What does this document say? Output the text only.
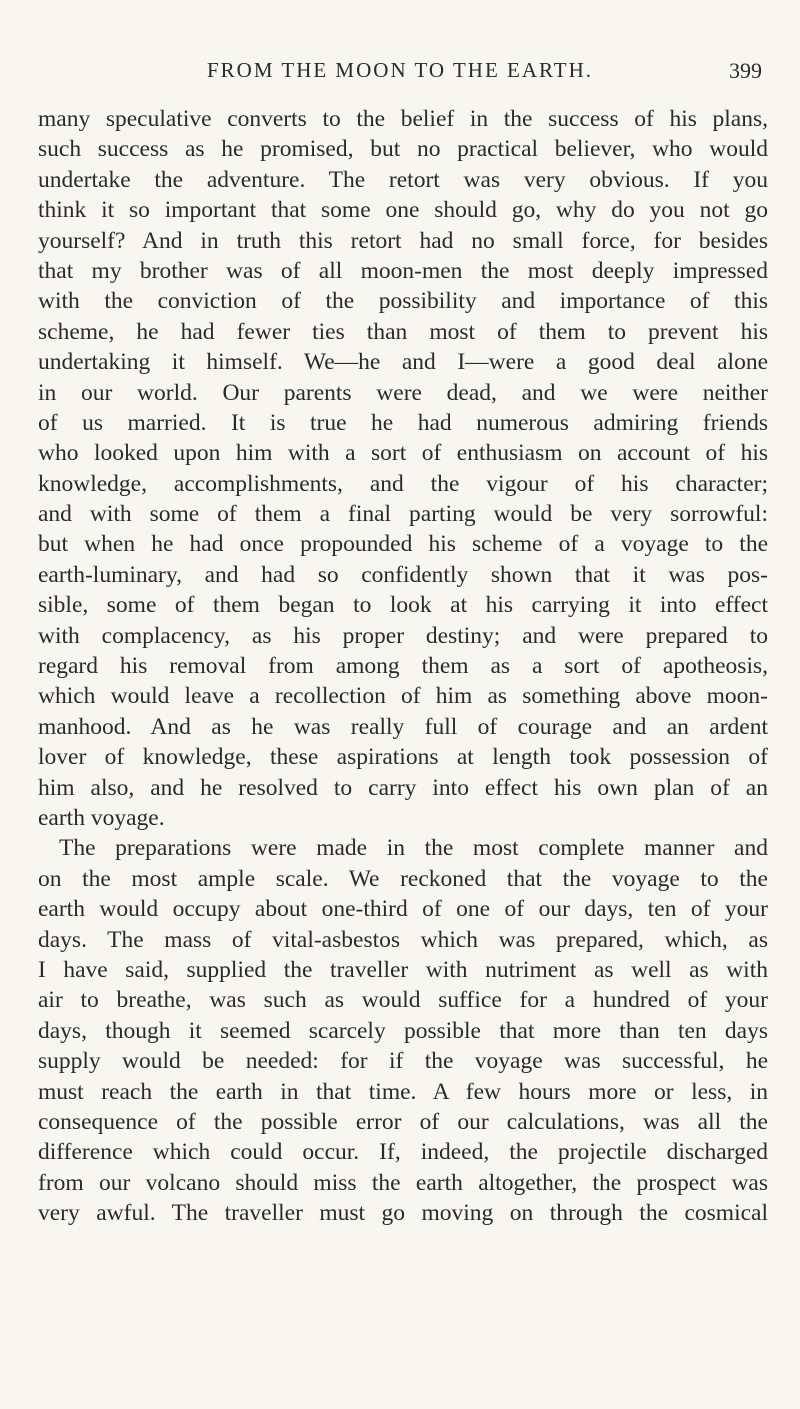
FROM THE MOON TO THE EARTH.	399
many speculative converts to the belief in the success of his plans,
such success as he promised, but no practical believer, who would
undertake the adventure. The retort was very obvious. If you
think it so important that some one should go, why do you not go
yourself? And in truth this retort had no small force, for besides
that my brother was of all moon-men the most deeply impressed
with the conviction of the possibility and importance of this
scheme, he had fewer ties than most of them to prevent his
undertaking it himself. We—he and I—were a good deal alone
in our world. Our parents were dead, and we were neither
of us married. It is true he had numerous admiring friends
who looked upon him with a sort of enthusiasm on account of his
knowledge, accomplishments, and the vigour of his character;
and with some of them a final parting would be very sorrowful:
but when he had once propounded his scheme of a voyage to the
earth-luminary, and had so confidently shown that it was pos-
sible, some of them began to look at his carrying it into effect
with complacency, as his proper destiny; and were prepared to
regard his removal from among them as a sort of apotheosis,
which would leave a recollection of him as something above moon-
manhood. And as he was really full of courage and an ardent
lover of knowledge, these aspirations at length took possession of
him also, and he resolved to carry into effect his own plan of an
earth voyage.
The preparations were made in the most complete manner and
on the most ample scale. We reckoned that the voyage to the
earth would occupy about one-third of one of our days, ten of your
days. The mass of vital-asbestos which was prepared, which, as
I have said, supplied the traveller with nutriment as well as with
air to breathe, was such as would suffice for a hundred of your
days, though it seemed scarcely possible that more than ten days
supply would be needed: for if the voyage was successful, he
must reach the earth in that time. A few hours more or less, in
consequence of the possible error of our calculations, was all the
difference which could occur. If, indeed, the projectile discharged
from our volcano should miss the earth altogether, the prospect was
very awful. The traveller must go moving on through the cosmical
